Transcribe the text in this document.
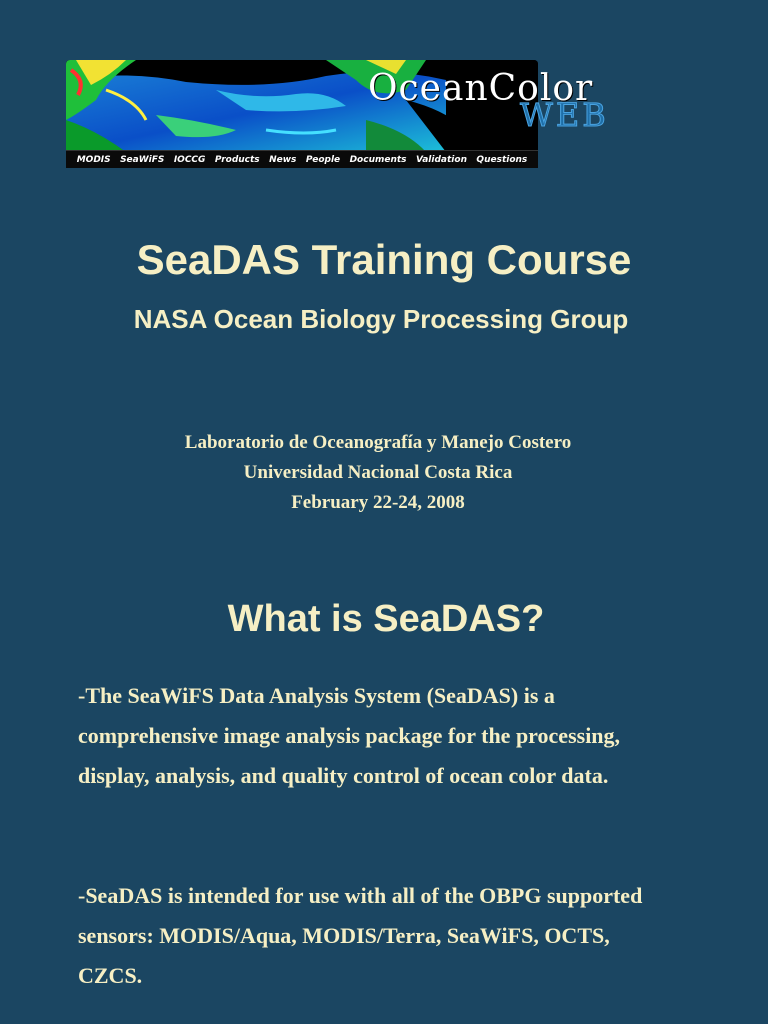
OceanColor
WEB
MODIS SeaWiFS IOCCG Products News People Documents Validation Questions
SeaDAS Training Course
NASA Ocean Biology Processing Group
Laboratorio de Oceanografía y Manejo Costero
Universidad Nacional Costa Rica
February 22-24, 2008
What is SeaDAS?
-The SeaWiFS Data Analysis System (SeaDAS) is a comprehensive image analysis package for the processing, display, analysis, and quality control of ocean color data.
-SeaDAS is intended for use with all of the OBPG supported sensors: MODIS/Aqua, MODIS/Terra, SeaWiFS, OCTS, CZCS.
